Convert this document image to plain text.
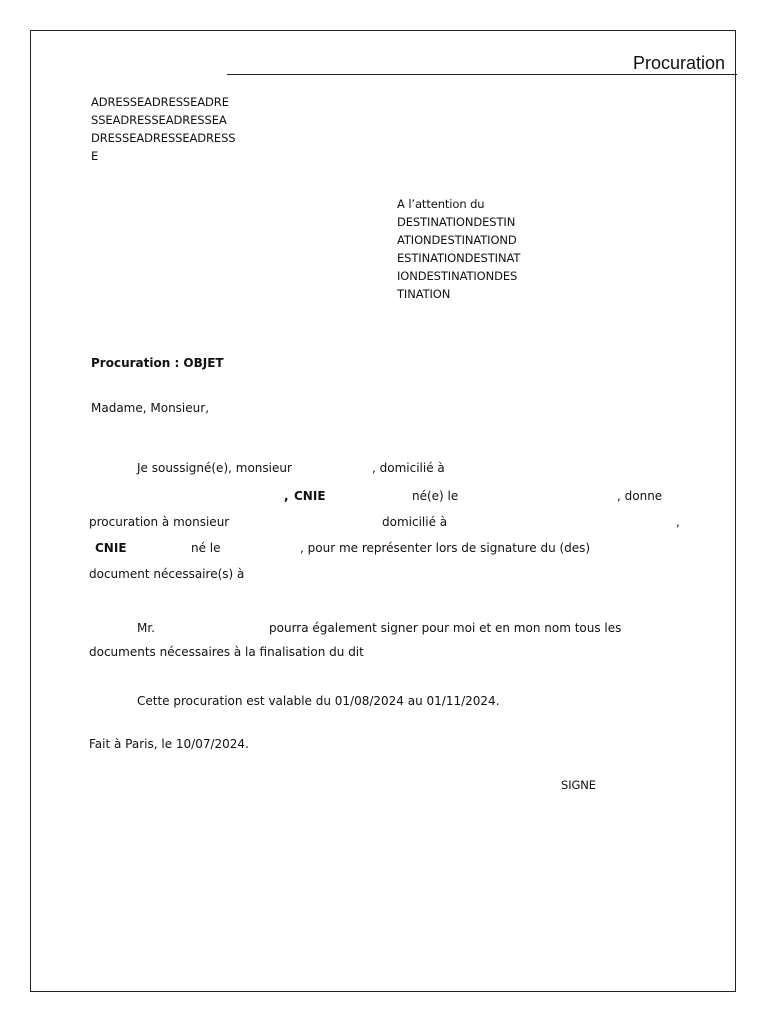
Procuration
ADRESSEADRESSEADRE
SSEADRESSEADRESSEA
DRESSEADRESSEADRESS
E
A l’attention du
DESTINATIONDESTIN
ATIONDESTINATIOND
ESTINATIONDESTINAT
IONDESTINATIONDES
TINATION
Procuration : OBJET
Madame, Monsieur,
Je soussigné(e), monsieur	, domicilié à
, CNIE	né(e) le	, donne
procuration à monsieur	domicilié à	,
CNIE	né le	, pour me représenter lors de signature du (des)
document nécessaire(s) à
Mr.	pourra également signer pour moi et en mon nom tous les
documents nécessaires à la finalisation du dit
Cette procuration est valable du 01/08/2024 au 01/11/2024.
Fait à Paris, le 10/07/2024.
SIGNE
